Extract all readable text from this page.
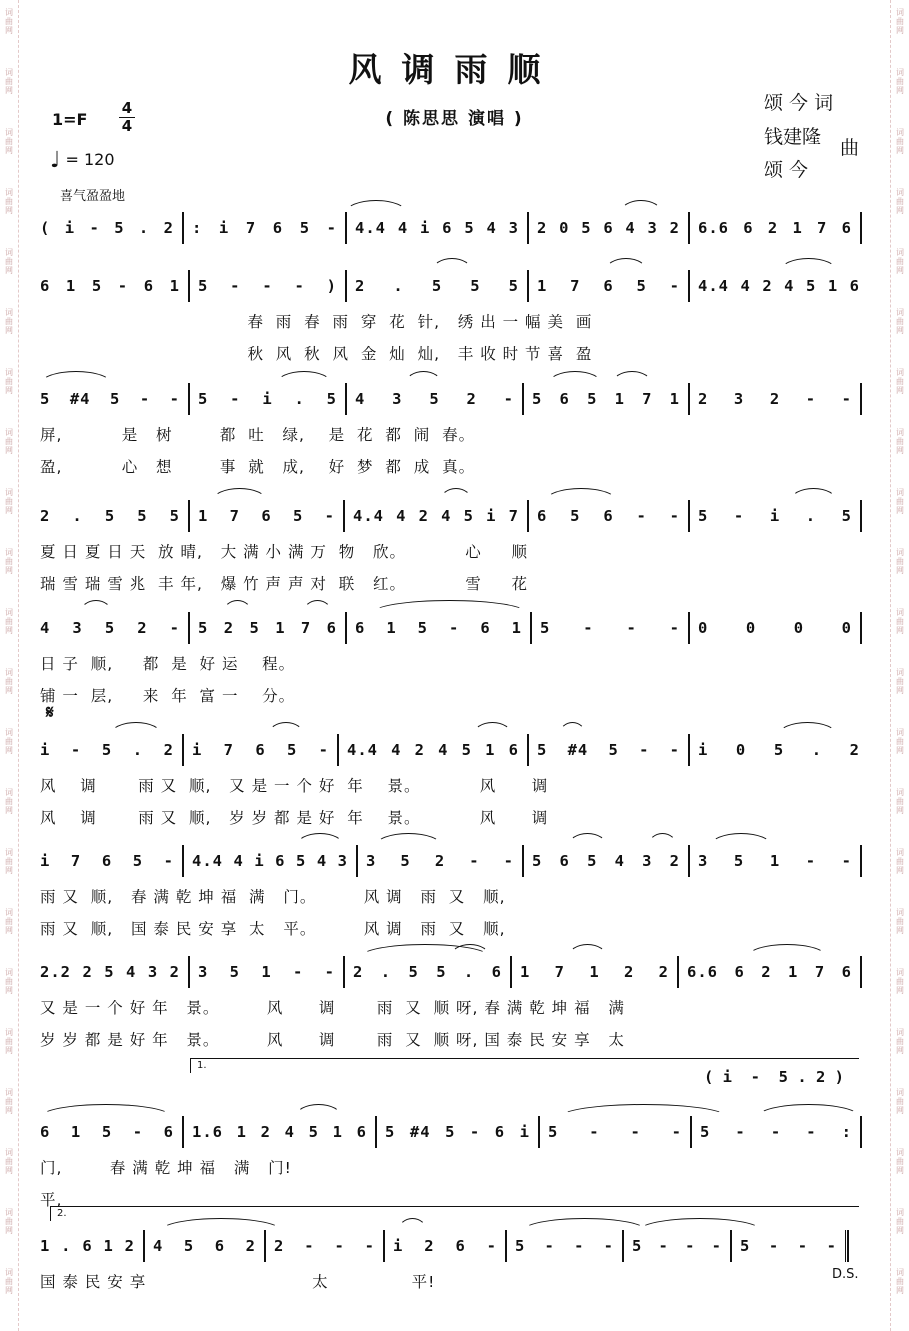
词曲网
词曲网
词曲网
词曲网
词曲网
词曲网
词曲网
词曲网
词曲网
词曲网
词曲网
词曲网
词曲网
词曲网
词曲网
词曲网
词曲网
词曲网
词曲网
词曲网
词曲网
词曲网
词曲网
词曲网
词曲网
词曲网
词曲网
词曲网
词曲网
词曲网
词曲网
词曲网
词曲网
词曲网
词曲网
词曲网
词曲网
词曲网
词曲网
词曲网
词曲网
词曲网
词曲网
词曲网
风调雨顺
( 陈思思 演唱 )
颂 今 词
钱建隆 曲
颂 今
1=F
4
4
♩ = 120
喜气盈盈地
( i - 5 . 2 : i 7 6 5 - 4.4 4 i 6 5 4 3 2 0 5 6 4 3 2 6.6 6 2 1 7 6
6 1 5 - 6 1 5 - - - ) 2 . 5 5 5 1 7 6 5 - 4.4 4 2 4 5 1 6
春  雨  春  雨  穿  花  针,   绣 出 一 幅 美  画
秋  风  秋  风  金  灿  灿,   丰 收 时 节 喜  盈
5 #4 5 - - 5 - i . 5 4 3 5 2 - 5 6 5 1 7 1 2 3 2 - -
屏,          是   树        都  吐   绿,    是  花  都  闹  春。
盈,          心   想        事  就   成,    好  梦  都  成  真。
2 . 5 5 5 1 7 6 5 - 4.4 4 2 4 5 i 7 6 5 6 - - 5 - i . 5
夏 日 夏 日 天  放 晴,   大 满 小 满 万  物   欣。          心     顺
瑞 雪 瑞 雪 兆  丰 年,   爆 竹 声 声 对  联   红。          雪     花
4 3 5 2 - 5 2 5 1 7 6 6 1 5 - 6 1 5 - - - 0 0 0 0
日 子  顺,     都  是  好 运    程。
铺 一  层,     来  年  富 一    分。
i - 5 . 2 i 7 6 5 - 4.4 4 2 4 5 1 6 5 #4 5 - - i 0 5 . 2
风    调       雨 又  顺,   又 是 一 个 好  年    景。          风      调
风    调       雨 又  顺,   岁 岁 都 是 好  年    景。          风      调
i 7 6 5 - 4.4 4 i 6 5 4 3 3 5 2 - - 5 6 5 4 3 2 3 5 1 - -
雨 又  顺,   春 满 乾 坤 福  满   门。        风 调   雨  又   顺,
雨 又  顺,   国 泰 民 安 享  太   平。        风 调   雨  又   顺,
2.2 2 5 4 3 2 3 5 1 - - 2 . 5 5 . 6 1 7 1 2 2 6.6 6 2 1 7 6
又 是 一 个 好 年   景。        风      调       雨  又  顺 呀, 春 满 乾 坤 福   满
岁 岁 都 是 好 年   景。        风      调       雨  又  顺 呀, 国 泰 民 安 享   太
6 1 5 - 6 1.6 1 2 4 5 1 6 5 #4 5 - 6 i 5 - - - 5 - - - :
门,        春 满 乾 坤 福   满   门!
平,
1 . 6 1 2 4 5 6 2 2 - - - i 2 6 - 5 - - - 5 - - - 5 - - -
国 泰 民 安 享                            太              平!
𝄋
1.
( i  -  5 . 2 )
2.
D.S.
